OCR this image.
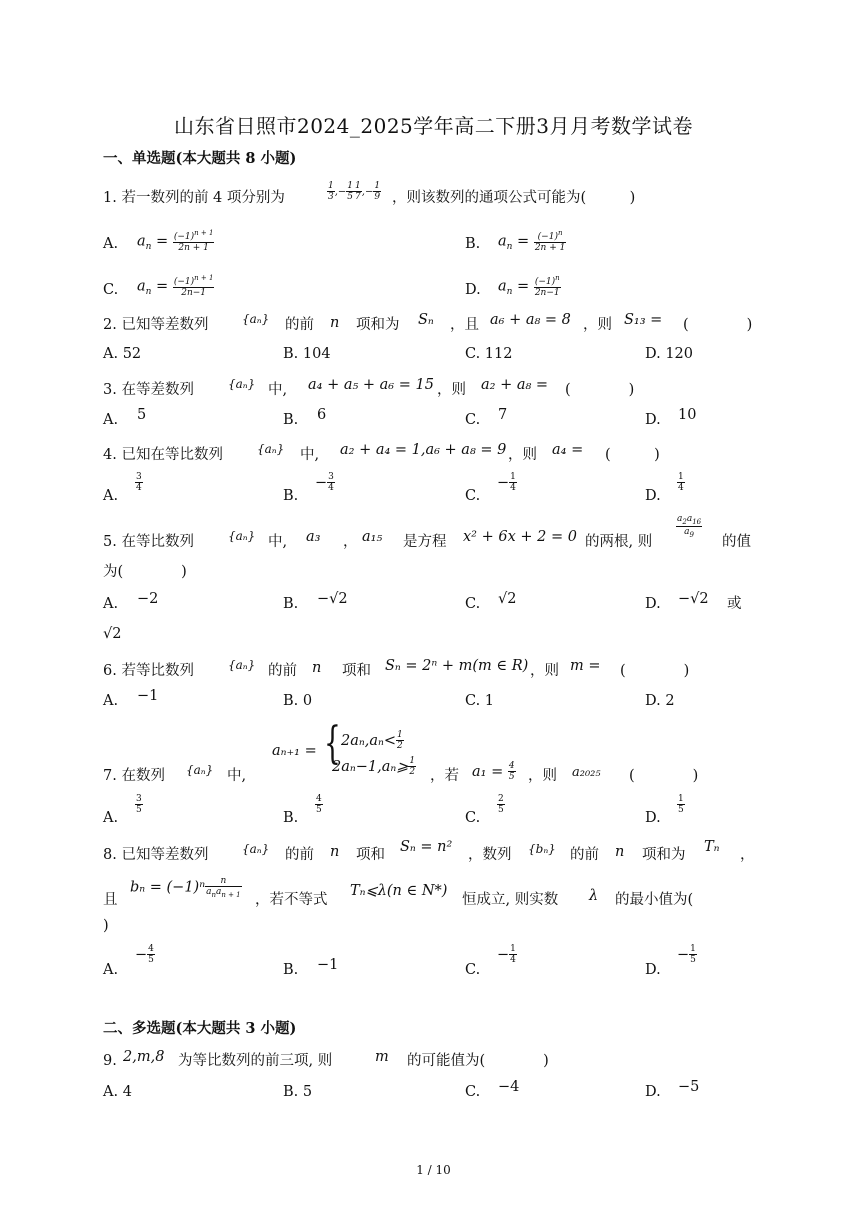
山东省日照市2024_2025学年高二下册3月月考数学试卷
一、单选题(本大题共 8 小题)
1. 若一数列的前 4 项分别为	$\frac{1}{3}$ ,− $\frac{1}{5} \frac{1}{7}$ ,− $\frac{1}{9}$ ，则该数列的通项公式可能为(　　　)
A. $a_n = \frac{(-1)^{n + 1}}{2n + 1}$	B. $a_n = \frac{(-1)^n}{2n + 1}$
C. $a_n = \frac{(-1)^{n + 1}}{2n-1}$	D. $a_n = \frac{(-1)^n}{2n-1}$
2. 已知等差数列	{aₙ} 的前 n 项和为 Sₙ ，且 a₆ + a₈ = 8 ，则 S₁₃ = (　　　　)
A. 52	B. 104	C. 112	D. 120
3. 在等差数列	{aₙ} 中, a₄ + a₅ + a₆ = 15 ，则 a₂ + a₈ = (　　　　)
A. 5	B. 6	C. 7	D. 10
4. 已知在等比数列	{aₙ} 中, a₂ + a₄ = 1,a₆ + a₈ = 9 ，则 a₄ = (　　　)
A.
$\frac{3}{4}$
B.
− $\frac{3}{4}$
C.
− $\frac{1}{4}$
D.
$\frac{1}{4}$
5. 在等比数列	{aₙ} 中, a₃ ， a₁₅ 是方程 x² + 6x + 2 = 0 的两根, 则
$\frac{a_2a_{16}}{a_9}$
的值
为(　　　　)
A. −2	B. −√2	C. √2	D. −√2 或
√2
6. 若等比数列	{aₙ} 的前 n 项和 Sₙ = 2ⁿ + m(m ∈ R) ，则 m = (　　　　)
A. −1	B. 0	C. 1	D. 2
aₙ₊₁ = { $2a_n,a_n< \frac{1}{2}$
2aₙ−1,aₙ⩾ $\frac{1}{2}$
7. 在数列 {aₙ} 中,	，若 $a_1 = \frac{4}{5}$ ，则 a₂₀₂₅ (　　　　)
A.
$\frac{3}{5}$
B.
$\frac{4}{5}$
C.
$\frac{2}{5}$
D.
$\frac{1}{5}$
8. 已知等差数列	{aₙ} 的前 n 项和 Sₙ = n² ，数列 {bₙ} 的前 n 项和为 Tₙ ，
且
$b_n = (-1)^n \frac{n}{a_na_{n + 1}}$
，若不等式
Tₙ⩽λ(n ∈ N*)
恒成立, 则实数 λ 的最小值为(
)
A.
− $\frac{4}{5}$
B. −1	C.
− $\frac{1}{4}$
D.
− $\frac{1}{5}$
二、多选题(本大题共 3 小题)
9. 2,m,8 为等比数列的前三项, 则	m 的可能值为(　　　　)
A. 4	B. 5	C. −4	D. −5
1 / 10
